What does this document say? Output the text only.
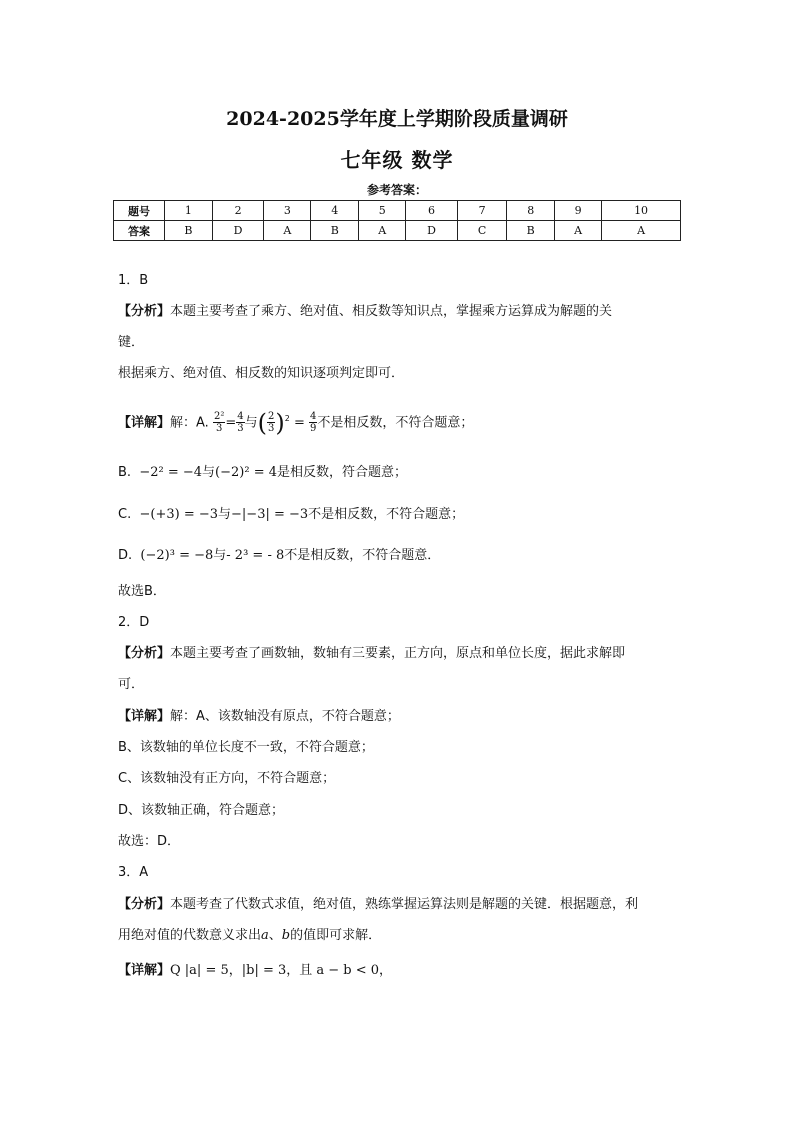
2024-2025学年度上学期阶段质量调研
七年级 数学
参考答案：
题号	1	2	3	4	5	6	7	8	9	10
答案	B	D	A	B	A	D	C	B	A	A
1．B
【分析】本题主要考查了乘方、绝对值、相反数等知识点，掌握乘方运算成为解题的关
键．
根据乘方、绝对值、相反数的知识逐项判定即可．
【详解】解：A. $\frac{\text{2²}}{3} = \frac{4}{3}$ 与( $\frac{2}{3} )^2 = \frac{4}{9}$ 不是相反数，不符合题意；
B. −2² = −4与(−2)² = 4是相反数，符合题意；
C. −(+3) = −3与−|−3| = −3不是相反数，不符合题意；
D. (−2)³ = −8与- 2³ = - 8不是相反数，不符合题意．
故选B．
2．D
【分析】本题主要考查了画数轴，数轴有三要素，正方向，原点和单位长度，据此求解即
可．
【详解】解：A、该数轴没有原点，不符合题意；
B、该数轴的单位长度不一致，不符合题意；
C、该数轴没有正方向，不符合题意；
D、该数轴正确，符合题意；
故选：D．
3．A
【分析】本题考查了代数式求值，绝对值，熟练掌握运算法则是解题的关键．根据题意，利
用绝对值的代数意义求出a、b的值即可求解．
【详解】Q |a| = 5，|b| = 3，且 a − b < 0，
